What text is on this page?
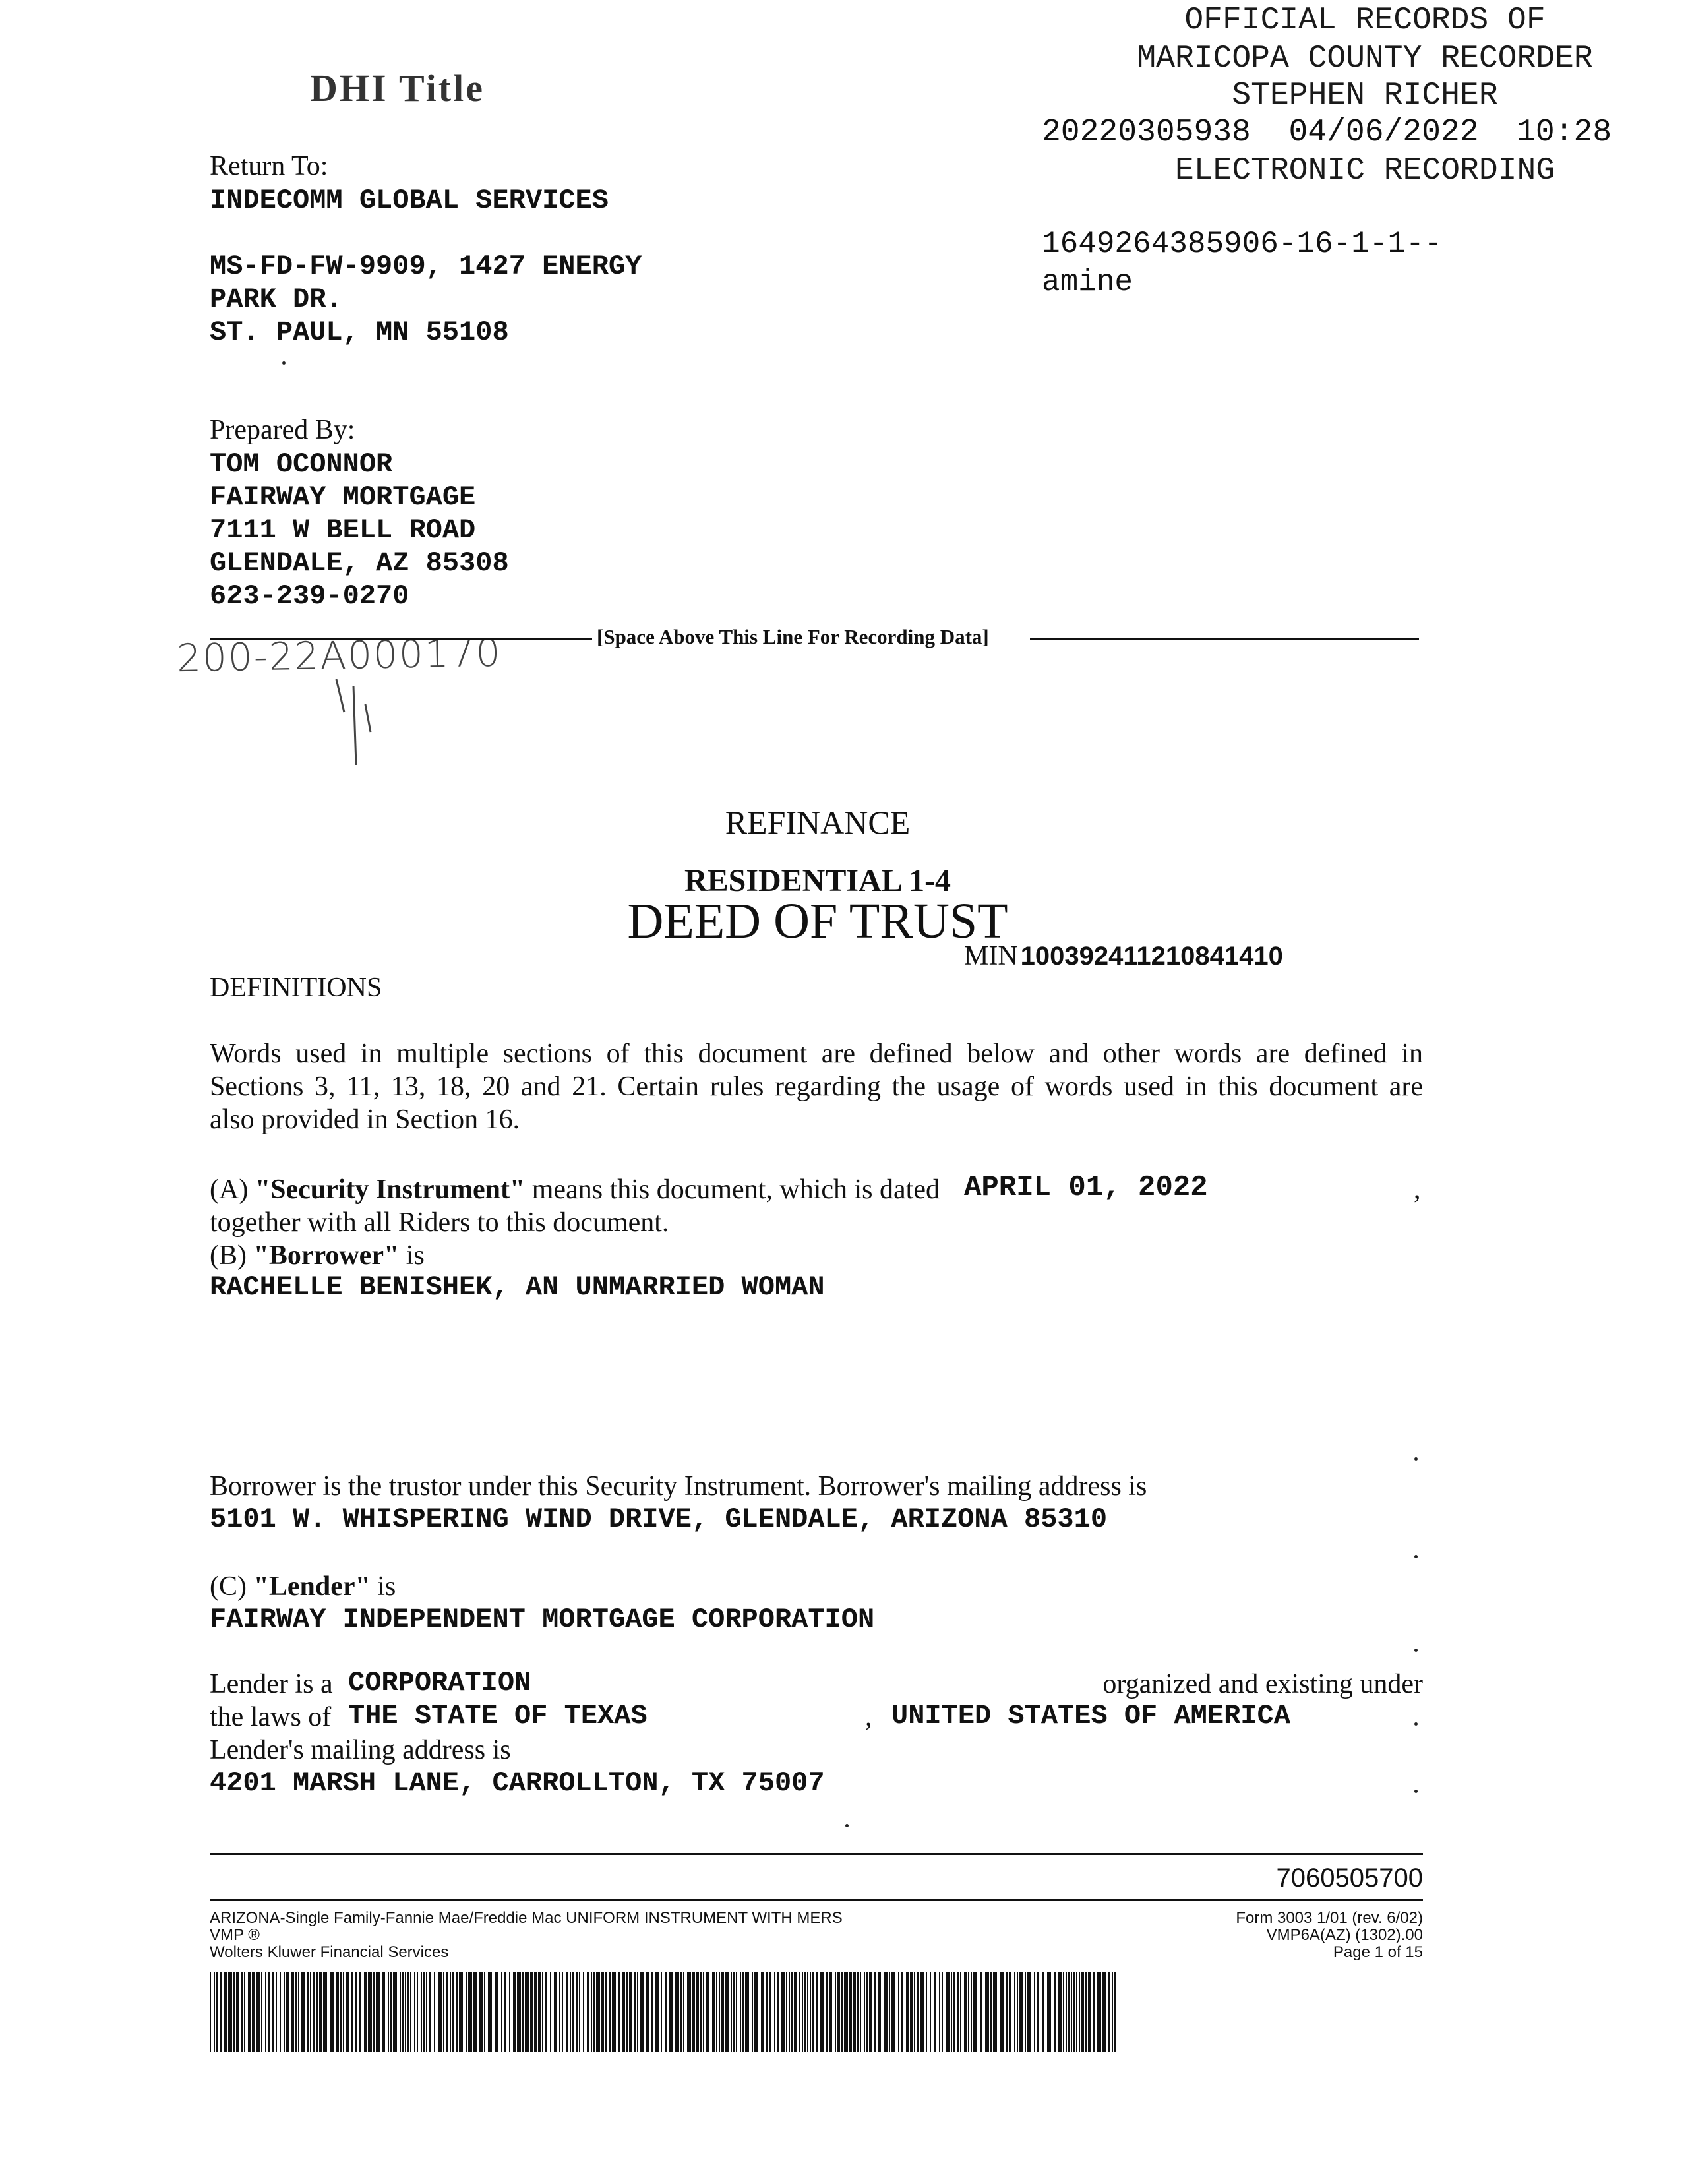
DHI Title
OFFICIAL RECORDS OF
MARICOPA COUNTY RECORDER
STEPHEN RICHER
20220305938 04/06/2022 10:28
ELECTRONIC RECORDING
1649264385906-16-1-1--
amine
Return To:
INDECOMM GLOBAL SERVICES
MS-FD-FW-9909, 1427 ENERGY
PARK DR.
ST. PAUL, MN 55108
Prepared By:
TOM OCONNOR
FAIRWAY MORTGAGE
7111 W BELL ROAD
GLENDALE, AZ 85308
623-239-0270
200-22A000170	[Space Above This Line For Recording Data]
REFINANCE
RESIDENTIAL 1-4
DEED OF TRUST
MIN 100392411210841410
DEFINITIONS
Words used in multiple sections of this document are defined below and other words are defined in
Sections 3, 11, 13, 18, 20 and 21. Certain rules regarding the usage of words used in this document are
also provided in Section 16.
(A) "Security Instrument" means this document, which is dated APRIL 01, 2022	,
together with all Riders to this document.
(B) "Borrower" is
RACHELLE BENISHEK, AN UNMARRIED WOMAN
Borrower is the trustor under this Security Instrument. Borrower's mailing address is
5101 W. WHISPERING WIND DRIVE, GLENDALE, ARIZONA 85310
(C) "Lender" is
FAIRWAY INDEPENDENT MORTGAGE CORPORATION
Lender is a CORPORATION	organized and existing under
the laws of THE STATE OF TEXAS	, UNITED STATES OF AMERICA
Lender's mailing address is
4201 MARSH LANE, CARROLLTON, TX 75007
7060505700
ARIZONA-Single Family-Fannie Mae/Freddie Mac UNIFORM INSTRUMENT WITH MERS
VMP ®
Wolters Kluwer Financial Services
Form 3003 1/01 (rev. 6/02)
VMP6A(AZ) (1302).00
Page 1 of 15
